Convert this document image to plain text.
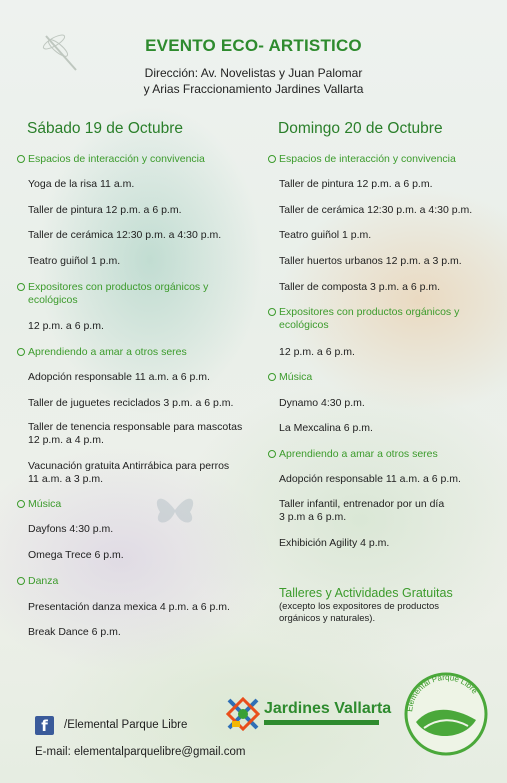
EVENTO ECO- ARTISTICO
Dirección: Av. Novelistas y Juan Palomar
y Arias Fraccionamiento Jardines Vallarta
Sábado 19 de Octubre
Espacios de interacción y convivencia
Yoga de la risa 11 a.m.
Taller de pintura 12 p.m. a 6 p.m.
Taller de cerámica 12:30 p.m. a 4:30 p.m.
Teatro guiñol 1 p.m.
Expositores con productos orgánicos y
ecológicos
12 p.m. a 6 p.m.
Aprendiendo a amar a otros seres
Adopción responsable 11 a.m. a 6 p.m.
Taller de juguetes reciclados 3 p.m. a 6 p.m.
Taller de tenencia responsable para mascotas
12 p.m. a 4 p.m.
Vacunación gratuita Antirrábica para perros
11 a.m. a 3 p.m.
Música
Dayfons 4:30 p.m.
Omega Trece 6 p.m.
Danza
Presentación danza mexica 4 p.m. a 6 p.m.
Break Dance 6 p.m.
Domingo 20 de Octubre
Espacios de interacción y convivencia
Taller de pintura 12 p.m. a 6 p.m.
Taller de cerámica 12:30 p.m. a 4:30 p.m.
Teatro guiñol 1 p.m.
Taller huertos urbanos 12 p.m. a 3 p.m.
Taller de composta 3 p.m. a 6 p.m.
Expositores con productos orgánicos y
ecológicos
12 p.m. a 6 p.m.
Música
Dynamo 4:30 p.m.
La Mexcalina 6 p.m.
Aprendiendo a amar a otros seres
Adopción responsable 11 a.m. a 6 p.m.
Taller infantil, entrenador por un día
3 p.m a 6 p.m.
Exhibición Agility 4 p.m.
Talleres y Actividades Gratuitas
(excepto los expositores de productos
orgánicos y naturales).
f	/Elemental Parque Libre
E-mail: elementalparquelibre@gmail.com
Jardines Vallarta Elemental Parque Libre
